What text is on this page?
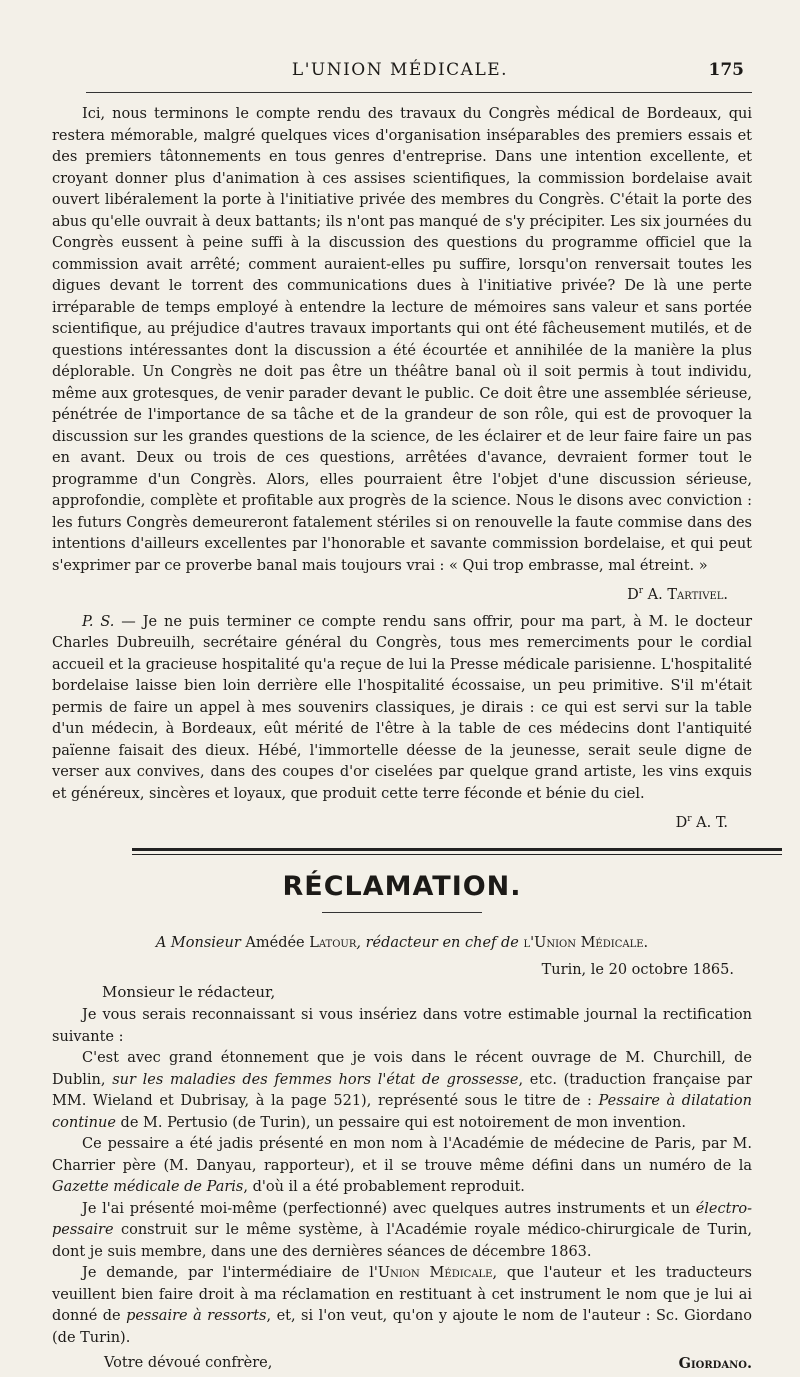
L'UNION MÉDICALE.	175

Ici, nous terminons le compte rendu des travaux du Congrès médical de Bordeaux, qui restera mémorable, malgré quelques vices d'organisation inséparables des premiers essais et des premiers tâtonnements en tous genres d'entreprise. Dans une intention excellente, et croyant donner plus d'animation à ces assises scientifiques, la commission bordelaise avait ouvert libéralement la porte à l'initiative privée des membres du Congrès. C'était la porte des abus qu'elle ouvrait à deux battants; ils n'ont pas manqué de s'y précipiter. Les six journées du Congrès eussent à peine suffi à la discussion des questions du programme officiel que la commission avait arrêté; comment auraient-elles pu suffire, lorsqu'on renversait toutes les digues devant le torrent des communications dues à l'initiative privée? De là une perte irréparable de temps employé à entendre la lecture de mémoires sans valeur et sans portée scientifique, au préjudice d'autres travaux importants qui ont été fâcheusement mutilés, et de questions intéressantes dont la discussion a été écourtée et annihilée de la manière la plus déplorable. Un Congrès ne doit pas être un théâtre banal où il soit permis à tout individu, même aux grotesques, de venir parader devant le public. Ce doit être une assemblée sérieuse, pénétrée de l'importance de sa tâche et de la grandeur de son rôle, qui est de provoquer la discussion sur les grandes questions de la science, de les éclairer et de leur faire faire un pas en avant. Deux ou trois de ces questions, arrêtées d'avance, devraient former tout le programme d'un Congrès. Alors, elles pourraient être l'objet d'une discussion sérieuse, approfondie, complète et profitable aux progrès de la science. Nous le disons avec conviction : les futurs Congrès demeureront fatalement stériles si on renouvelle la faute commise dans des intentions d'ailleurs excellentes par l'honorable et savante commission bordelaise, et qui peut s'exprimer par ce proverbe banal mais toujours vrai : « Qui trop embrasse, mal étreint. »

$D^r$ A. Tartivel.

P. S. — Je ne puis terminer ce compte rendu sans offrir, pour ma part, à M. le docteur Charles Dubreuilh, secrétaire général du Congrès, tous mes remerciments pour le cordial accueil et la gracieuse hospitalité qu'a reçue de lui la Presse médicale parisienne. L'hospitalité bordelaise laisse bien loin derrière elle l'hospitalité écossaise, un peu primitive. S'il m'était permis de faire un appel à mes souvenirs classiques, je dirais : ce qui est servi sur la table d'un médecin, à Bordeaux, eût mérité de l'être à la table de ces médecins dont l'antiquité païenne faisait des dieux. Hébé, l'immortelle déesse de la jeunesse, serait seule digne de verser aux convives, dans des coupes d'or ciselées par quelque grand artiste, les vins exquis et généreux, sincères et loyaux, que produit cette terre féconde et bénie du ciel.

$D^r$ A. T.
RÉCLAMATION.
A Monsieur Amédée Latour, rédacteur en chef de l'Union Médicale.
Turin, le 20 octobre 1865.
Monsieur le rédacteur,

Je vous serais reconnaissant si vous insériez dans votre estimable journal la rectification suivante :

C'est avec grand étonnement que je vois dans le récent ouvrage de M. Churchill, de Dublin, sur les maladies des femmes hors l'état de grossesse, etc. (traduction française par MM. Wieland et Dubrisay, à la page 521), représenté sous le titre de : Pessaire à dilatation continue de M. Pertusio (de Turin), un pessaire qui est notoirement de mon invention.

Ce pessaire a été jadis présenté en mon nom à l'Académie de médecine de Paris, par M. Charrier père (M. Danyau, rapporteur), et il se trouve même défini dans un numéro de la Gazette médicale de Paris, d'où il a été probablement reproduit.

Je l'ai présenté moi-même (perfectionné) avec quelques autres instruments et un électro-pessaire construit sur le même système, à l'Académie royale médico-chirurgicale de Turin, dont je suis membre, dans une des dernières séances de décembre 1863.

Je demande, par l'intermédiaire de l'Union Médicale, que l'auteur et les traducteurs veuillent bien faire droit à ma réclamation en restituant à cet instrument le nom que je lui ai donné de pessaire à ressorts, et, si l'on veut, qu'on y ajoute le nom de l'auteur : Sc. Giordano (de Turin).

Votre dévoué confrère,	Giordano.
